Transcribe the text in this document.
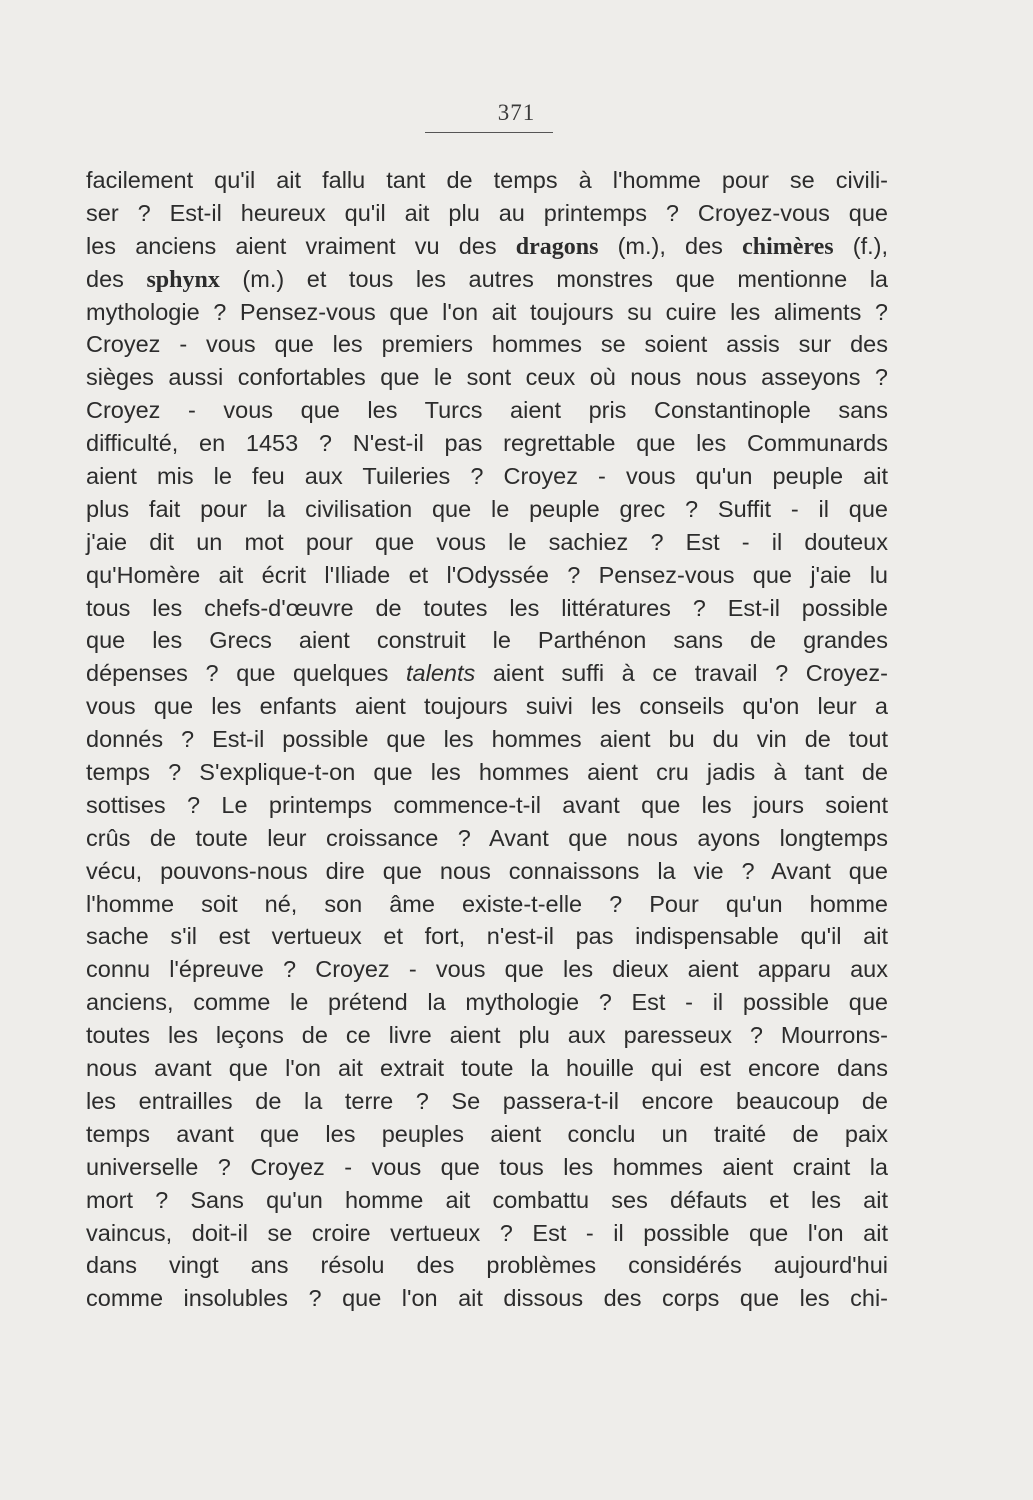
371
facilement qu'il ait fallu tant de temps à l'homme pour se civili-
ser ? Est-il heureux qu'il ait plu au printemps ? Croyez-vous que
les anciens aient vraiment vu des dragons (m.), des chimères (f.),
des sphynx (m.) et tous les autres monstres que mentionne la
mythologie ? Pensez-vous que l'on ait toujours su cuire les aliments ?
Croyez - vous que les premiers hommes se soient assis sur des
sièges aussi confortables que le sont ceux où nous nous asseyons ?
Croyez - vous que les Turcs aient pris Constantinople sans
difficulté, en 1453 ? N'est-il pas regrettable que les Communards
aient mis le feu aux Tuileries ? Croyez - vous qu'un peuple ait
plus fait pour la civilisation que le peuple grec ? Suffit - il que
j'aie dit un mot pour que vous le sachiez ? Est - il douteux
qu'Homère ait écrit l'Iliade et l'Odyssée ? Pensez-vous que j'aie lu
tous les chefs-d'œuvre de toutes les littératures ? Est-il possible
que les Grecs aient construit le Parthénon sans de grandes
dépenses ? que quelques talents aient suffi à ce travail ? Croyez-
vous que les enfants aient toujours suivi les conseils qu'on leur a
donnés ? Est-il possible que les hommes aient bu du vin de tout
temps ? S'explique-t-on que les hommes aient cru jadis à tant de
sottises ? Le printemps commence-t-il avant que les jours soient
crûs de toute leur croissance ? Avant que nous ayons longtemps
vécu, pouvons-nous dire que nous connaissons la vie ? Avant que
l'homme soit né, son âme existe-t-elle ? Pour qu'un homme
sache s'il est vertueux et fort, n'est-il pas indispensable qu'il ait
connu l'épreuve ? Croyez - vous que les dieux aient apparu aux
anciens, comme le prétend la mythologie ? Est - il possible que
toutes les leçons de ce livre aient plu aux paresseux ? Mourrons-
nous avant que l'on ait extrait toute la houille qui est encore dans
les entrailles de la terre ? Se passera-t-il encore beaucoup de
temps avant que les peuples aient conclu un traité de paix
universelle ? Croyez - vous que tous les hommes aient craint la
mort ? Sans qu'un homme ait combattu ses défauts et les ait
vaincus, doit-il se croire vertueux ? Est - il possible que l'on ait
dans vingt ans résolu des problèmes considérés aujourd'hui
comme insolubles ? que l'on ait dissous des corps que les chi-
